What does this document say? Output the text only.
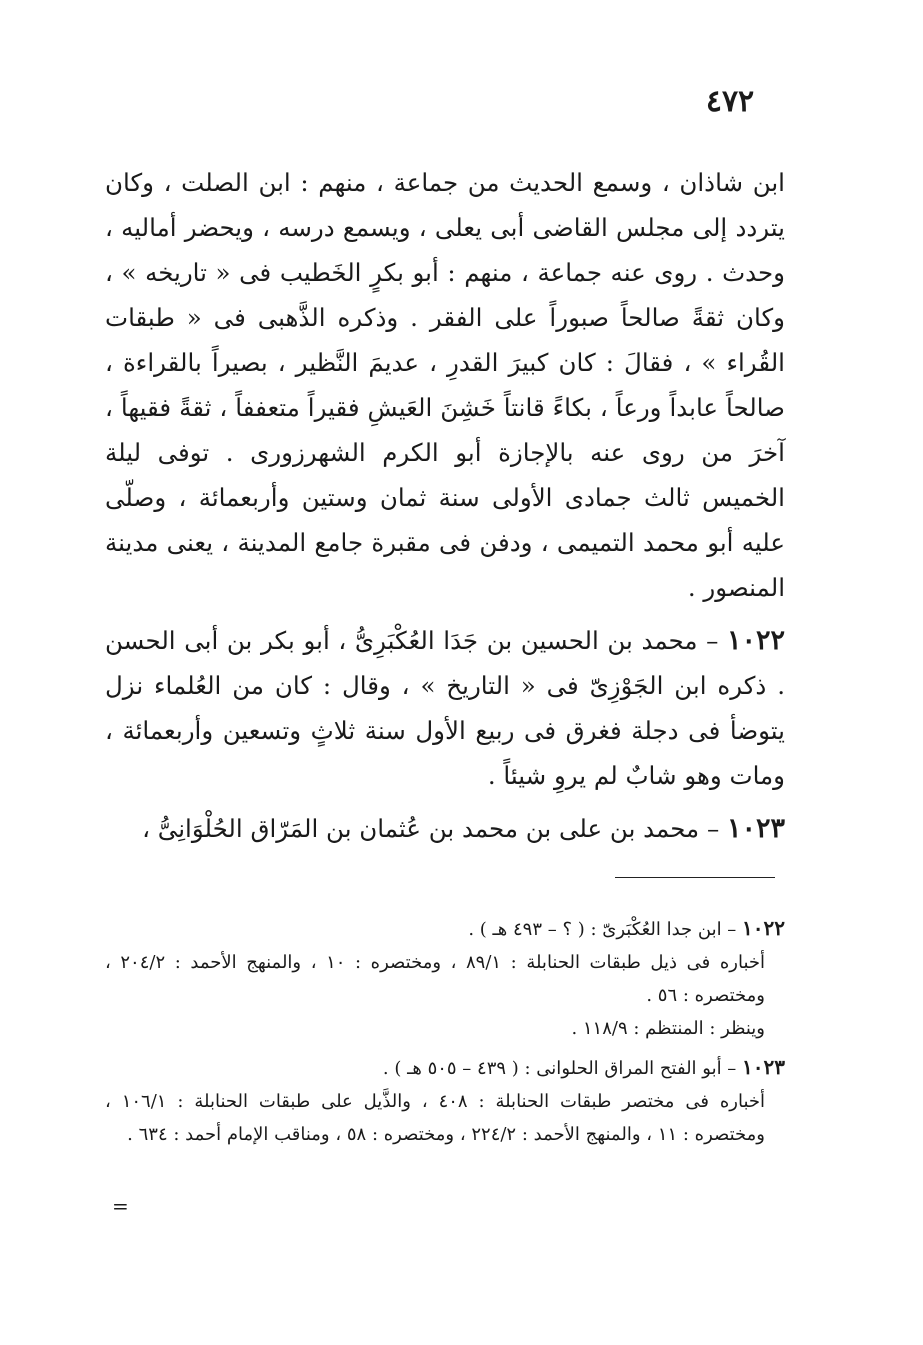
٤٧٢

ابن شاذان ، وسمع الحديث من جماعة ، منهم : ابن الصلت ، وكان يتردد إلى مجلس القاضى أبى يعلى ، ويسمع درسه ، ويحضر أماليه ، وحدث . روى عنه جماعة ، منهم : أبو بكرٍ الخَطيب فى « تاريخه » ، وكان ثقةً صالحاً صبوراً على الفقر . وذكره الذَّهبى فى « طبقات القُراء » ، فقالَ : كان كبيرَ القدرِ ، عديمَ النَّظير ، بصيراً بالقراءة ، صالحاً عابداً ورعاً ، بكاءً قانتاً خَشِنَ العَيشِ فقيراً متعففاً ، ثقةً فقيهاً ، آخرَ من روى عنه بالإجازة أبو الكرم الشهرزورى . توفى ليلة الخميس ثالث جمادى الأولى سنة ثمان وستين وأربعمائة ، وصلّى عليه أبو محمد التميمى ، ودفن فى مقبرة جامع المدينة ، يعنى مدينة المنصور .

١٠٢٢ – محمد بن الحسين بن جَدَا العُكْبَرِىُّ ، أبو بكر بن أبى الحسن . ذكره ابن الجَوْزِىّ فى « التاريخ » ، وقال : كان من العُلماء نزل يتوضأ فى دجلة فغرق فى ربيع الأول سنة ثلاثٍ وتسعين وأربعمائة ، ومات وهو شابٌ لم يروِ شيئاً .

١٠٢٣ – محمد بن على بن محمد بن عُثمان بن المَرّاق الحُلْوَانِىُّ ،

١٠٢٢ – ابن جدا العُكْبَرىّ : ( ؟ – ٤٩٣ هـ ) .

أخباره فى ذيل طبقات الحنابلة : ٨٩/١ ، ومختصره : ١٠ ، والمنهج الأحمد : ٢٠٤/٢ ، ومختصره : ٥٦ .

وينظر : المنتظم : ١١٨/٩ .

١٠٢٣ – أبو الفتح المراق الحلوانى : ( ٤٣٩ – ٥٠٥ هـ ) .

أخباره فى مختصر طبقات الحنابلة : ٤٠٨ ، والذَّيل على طبقات الحنابلة : ١٠٦/١ ، ومختصره : ١١ ، والمنهج الأحمد : ٢٢٤/٢ ، ومختصره : ٥٨ ، ومناقب الإمام أحمد : ٦٣٤ .

=
